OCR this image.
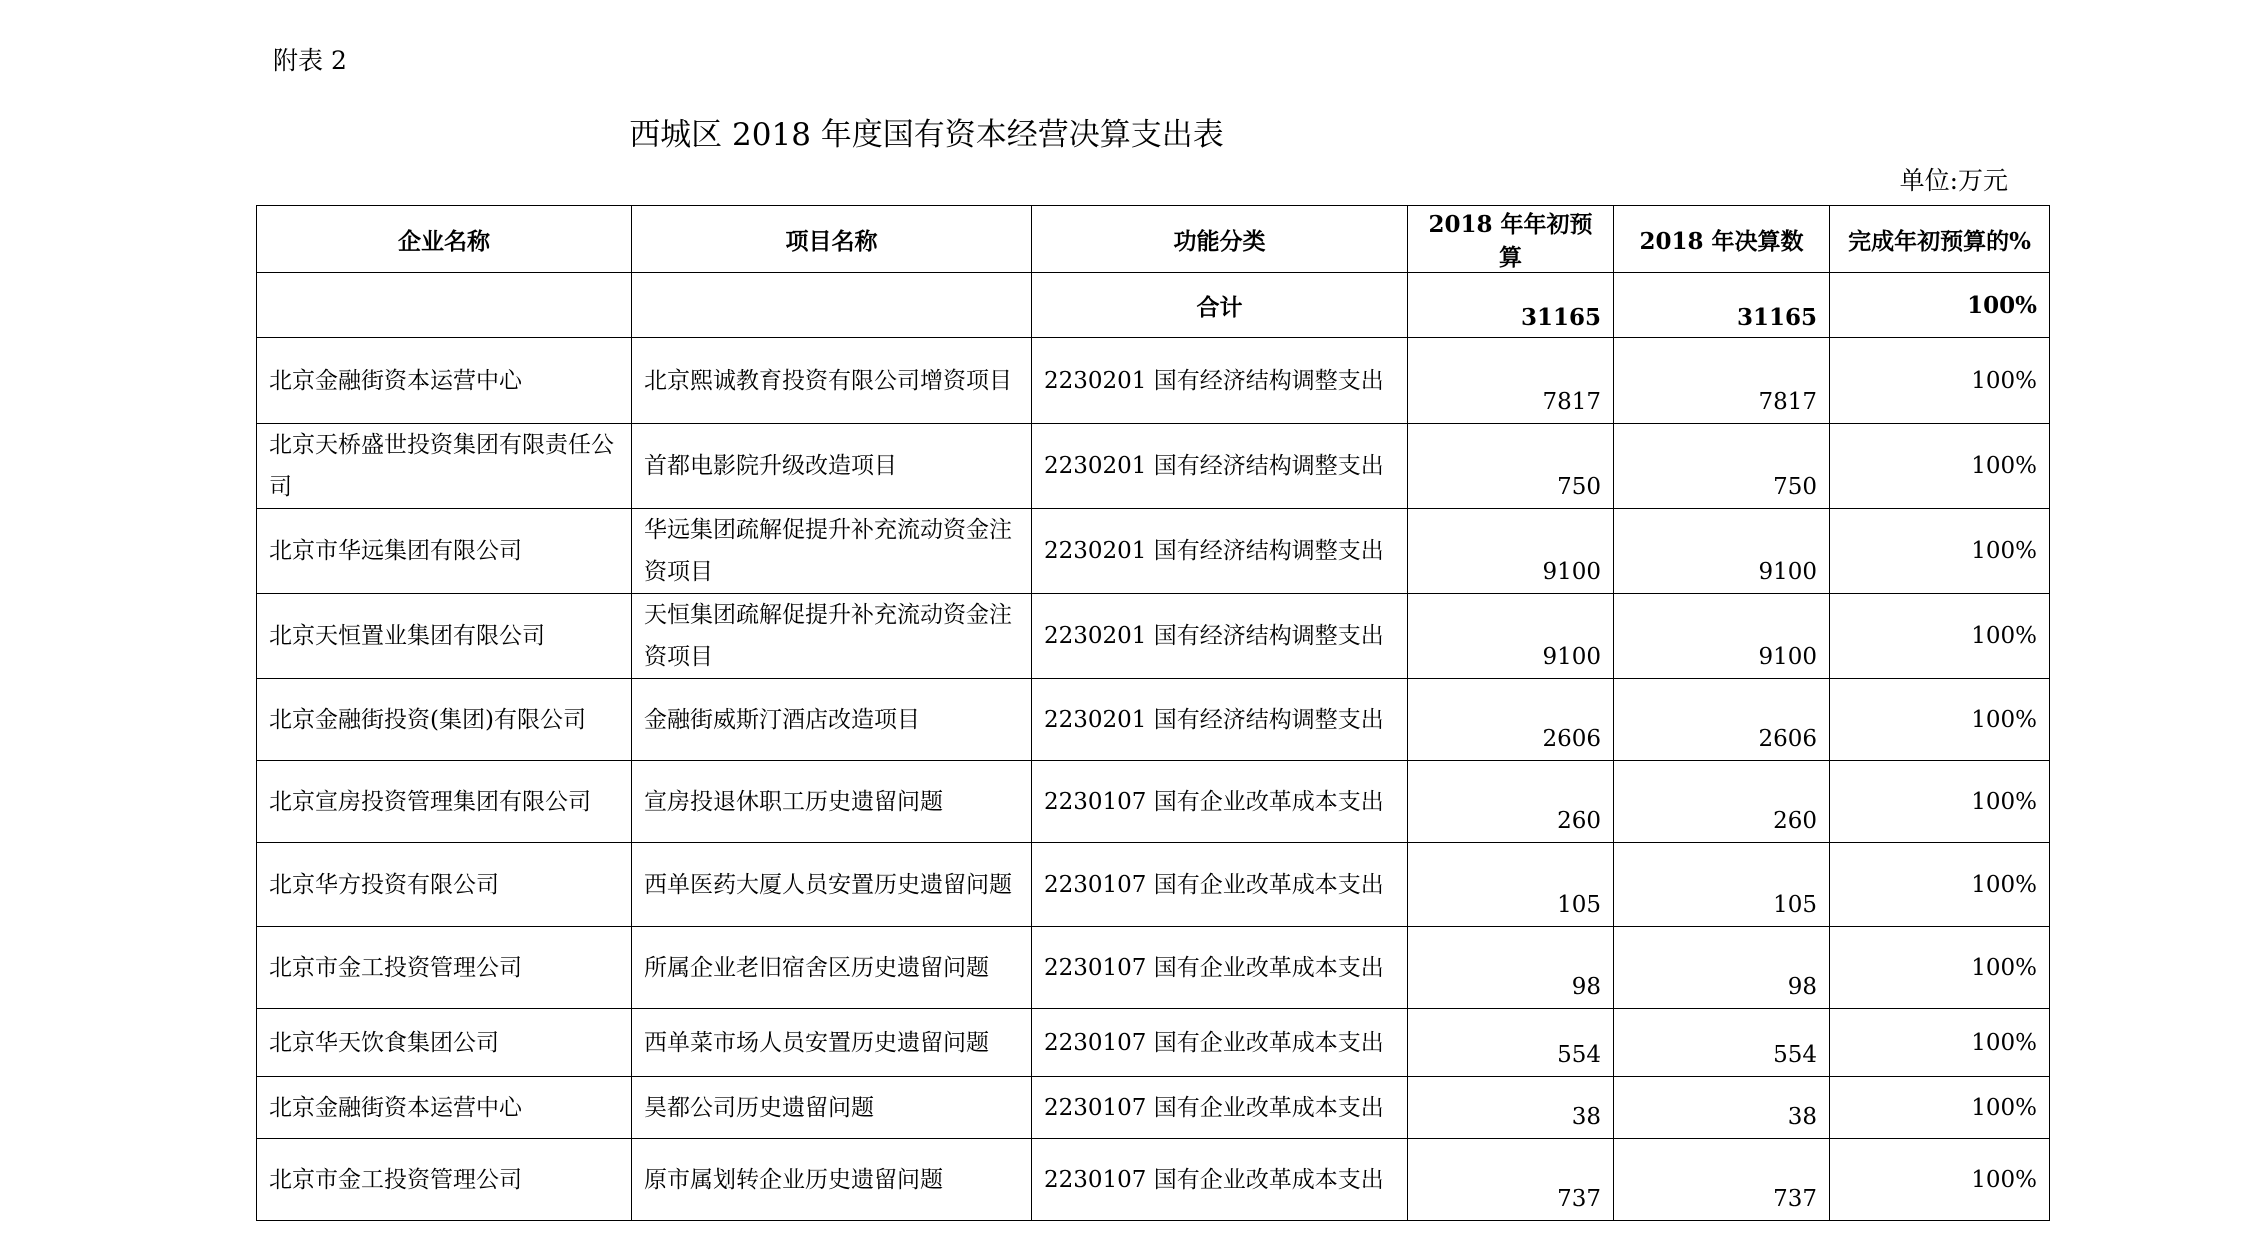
附表 2
西城区 2018 年度国有资本经营决算支出表
单位:万元
企业名称	项目名称	功能分类	2018 年年初预算	2018 年决算数	完成年初预算的%
		合计	31165	31165	100%
北京金融街资本运营中心	北京熙诚教育投资有限公司增资项目	2230201 国有经济结构调整支出	7817	7817	100%
北京天桥盛世投资集团有限责任公司	首都电影院升级改造项目	2230201 国有经济结构调整支出	750	750	100%
北京市华远集团有限公司	华远集团疏解促提升补充流动资金注资项目	2230201 国有经济结构调整支出	9100	9100	100%
北京天恒置业集团有限公司	天恒集团疏解促提升补充流动资金注资项目	2230201 国有经济结构调整支出	9100	9100	100%
北京金融街投资(集团)有限公司	金融街威斯汀酒店改造项目	2230201 国有经济结构调整支出	2606	2606	100%
北京宣房投资管理集团有限公司	宣房投退休职工历史遗留问题	2230107 国有企业改革成本支出	260	260	100%
北京华方投资有限公司	西单医药大厦人员安置历史遗留问题	2230107 国有企业改革成本支出	105	105	100%
北京市金工投资管理公司	所属企业老旧宿舍区历史遗留问题	2230107 国有企业改革成本支出	98	98	100%
北京华天饮食集团公司	西单菜市场人员安置历史遗留问题	2230107 国有企业改革成本支出	554	554	100%
北京金融街资本运营中心	昊都公司历史遗留问题	2230107 国有企业改革成本支出	38	38	100%
北京市金工投资管理公司	原市属划转企业历史遗留问题	2230107 国有企业改革成本支出	737	737	100%
